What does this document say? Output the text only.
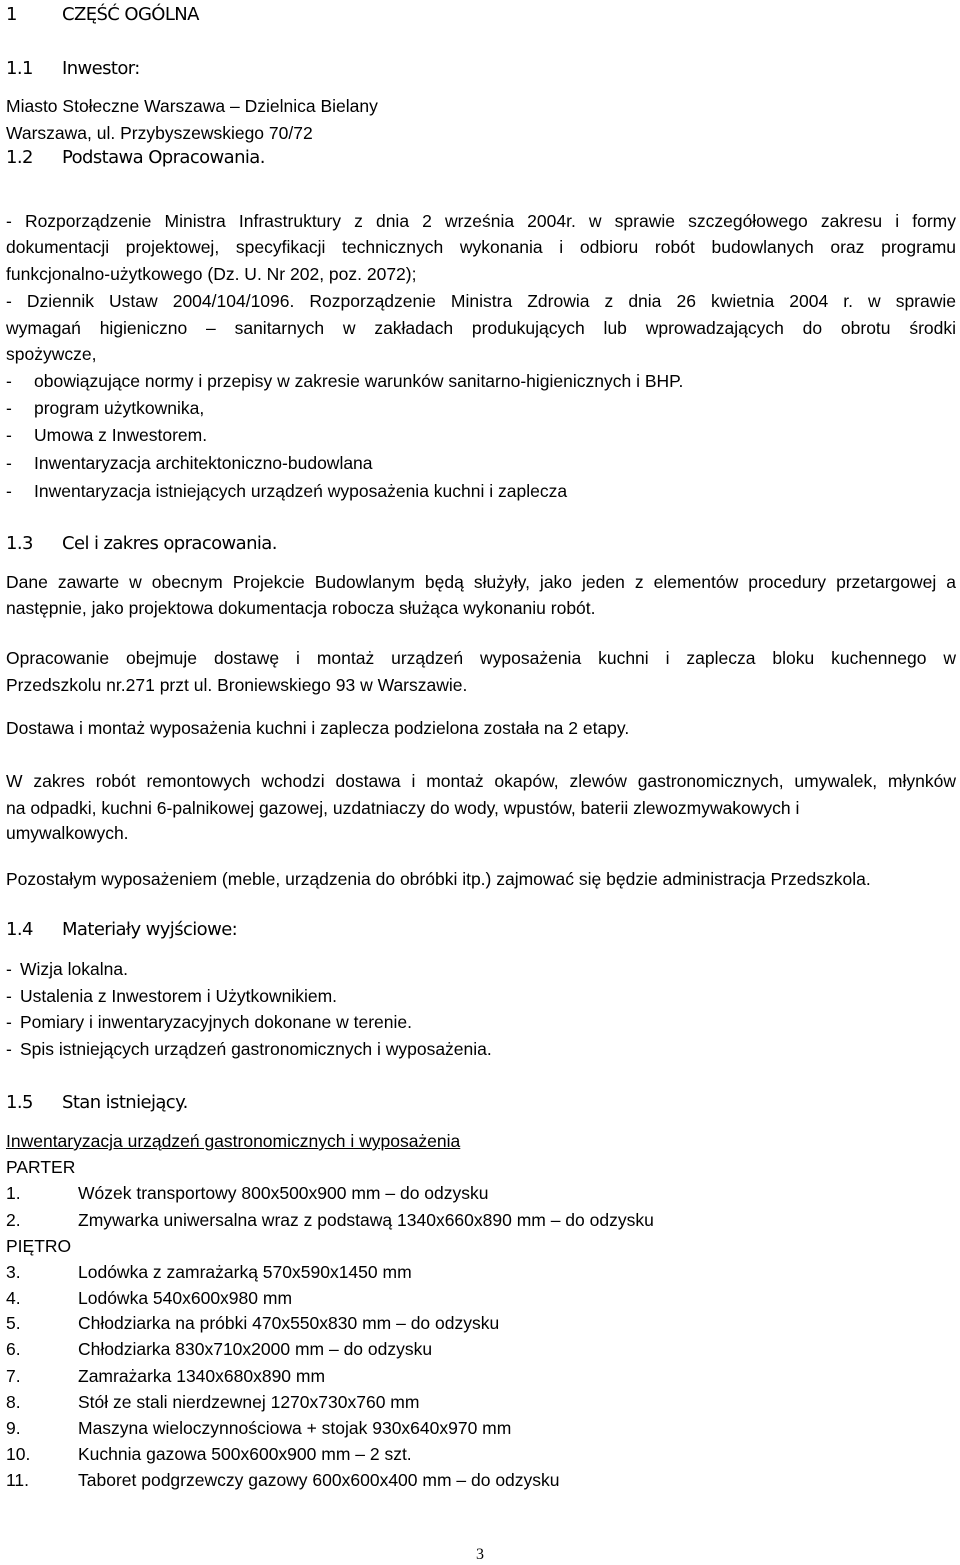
1	CZĘŚĆ OGÓLNA
1.1 Inwestor:
Miasto Stołeczne Warszawa – Dzielnica Bielany
Warszawa, ul. Przybyszewskiego 70/72
1.2 Podstawa Opracowania.
- Rozporządzenie Ministra Infrastruktury z dnia 2 września 2004r. w sprawie szczegółowego zakresu i formy
dokumentacji projektowej, specyfikacji technicznych wykonania i odbioru robót budowlanych oraz programu
funkcjonalno-użytkowego (Dz. U. Nr 202, poz. 2072);
- Dziennik Ustaw 2004/104/1096. Rozporządzenie Ministra Zdrowia z dnia 26 kwietnia 2004 r. w sprawie
wymagań higieniczno – sanitarnych w zakładach produkujących lub wprowadzających do obrotu środki
spożywcze,
- obowiązujące normy i przepisy w zakresie warunków sanitarno-higienicznych i BHP.
- program użytkownika,
- Umowa z Inwestorem.
- Inwentaryzacja architektoniczno-budowlana
- Inwentaryzacja istniejących urządzeń wyposażenia kuchni i zaplecza
1.3 Cel i zakres opracowania.
Dane zawarte w obecnym Projekcie Budowlanym będą służyły, jako jeden z elementów procedury przetargowej a
następnie, jako projektowa dokumentacja robocza służąca wykonaniu robót.
Opracowanie obejmuje dostawę i montaż urządzeń wyposażenia kuchni i zaplecza bloku kuchennego w
Przedszkolu nr.271 przt ul. Broniewskiego 93 w Warszawie.
Dostawa i montaż wyposażenia kuchni i zaplecza podzielona została na 2 etapy.
W zakres robót remontowych wchodzi dostawa i montaż okapów, zlewów gastronomicznych, umywalek, młynków
na odpadki, kuchni 6-palnikowej gazowej, uzdatniaczy do wody, wpustów, baterii zlewozmywakowych i
umywalkowych.
Pozostałym wyposażeniem (meble, urządzenia do obróbki itp.) zajmować się będzie administracja Przedszkola.
1.4 Materiały wyjściowe:
- Wizja lokalna.
- Ustalenia z Inwestorem i Użytkownikiem.
- Pomiary i inwentaryzacyjnych dokonane w terenie.
- Spis istniejących urządzeń gastronomicznych i wyposażenia.
1.5 Stan istniejący.
Inwentaryzacja urządzeń gastronomicznych i wyposażenia
PARTER
1.	Wózek transportowy 800x500x900 mm – do odzysku
2.	Zmywarka uniwersalna wraz z podstawą 1340x660x890 mm – do odzysku
PIĘTRO
3.	Lodówka z zamrażarką 570x590x1450 mm
4.	Lodówka 540x600x980 mm
5.	Chłodziarka na próbki 470x550x830 mm – do odzysku
6.	Chłodziarka 830x710x2000 mm – do odzysku
7.	Zamrażarka 1340x680x890 mm
8.	Stół ze stali nierdzewnej 1270x730x760 mm
9.	Maszyna wieloczynnościowa + stojak 930x640x970 mm
10.	Kuchnia gazowa 500x600x900 mm – 2 szt.
11.	Taboret podgrzewczy gazowy 600x600x400 mm – do odzysku
3
